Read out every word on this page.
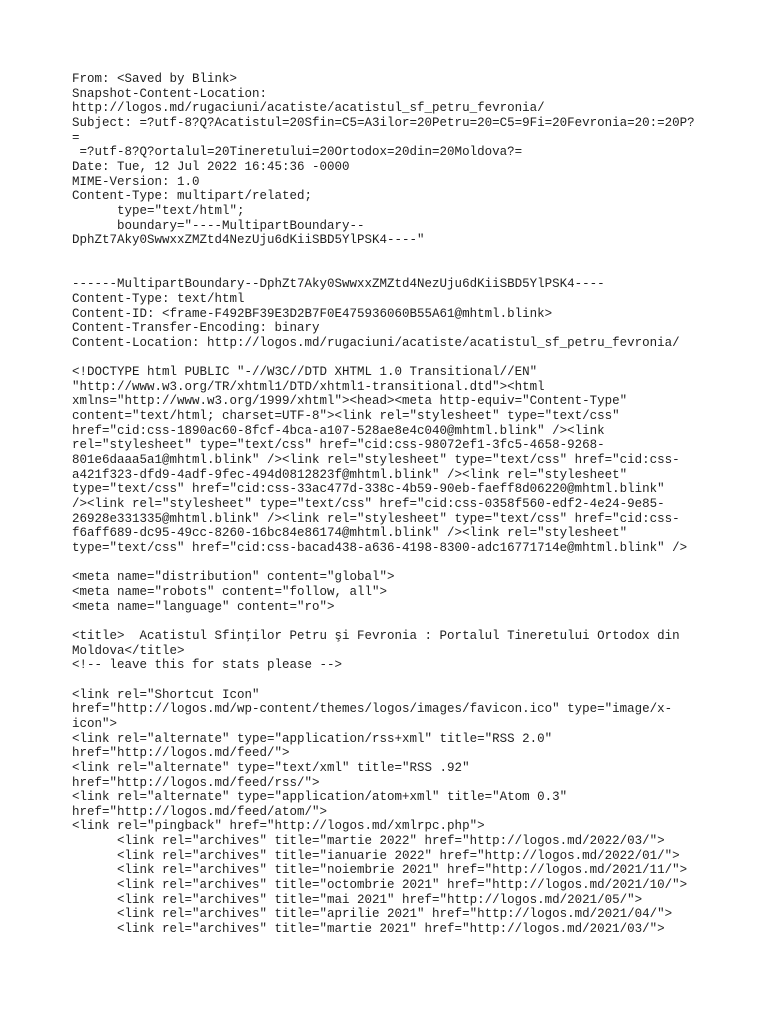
From: <Saved by Blink>
Snapshot-Content-Location:
http://logos.md/rugaciuni/acatiste/acatistul_sf_petru_fevronia/
Subject: =?utf-8?Q?Acatistul=20Sfin=C5=A3ilor=20Petru=20=C5=9Fi=20Fevronia=20:=20P?
=
=?utf-8?Q?ortalul=20Tineretului=20Ortodox=20din=20Moldova?=
Date: Tue, 12 Jul 2022 16:45:36 -0000
MIME-Version: 1.0
Content-Type: multipart/related;
type="text/html";
boundary="----MultipartBoundary--
DphZt7Aky0SwwxxZMZtd4NezUju6dKiiSBD5YlPSK4----"
------MultipartBoundary--DphZt7Aky0SwwxxZMZtd4NezUju6dKiiSBD5YlPSK4----
Content-Type: text/html
Content-ID: <frame-F492BF39E3D2B7F0E475936060B55A61@mhtml.blink>
Content-Transfer-Encoding: binary
Content-Location: http://logos.md/rugaciuni/acatiste/acatistul_sf_petru_fevronia/
<!DOCTYPE html PUBLIC "-//W3C//DTD XHTML 1.0 Transitional//EN"
"http://www.w3.org/TR/xhtml1/DTD/xhtml1-transitional.dtd"><html
xmlns="http://www.w3.org/1999/xhtml"><head><meta http-equiv="Content-Type"
content="text/html; charset=UTF-8"><link rel="stylesheet" type="text/css"
href="cid:css-1890ac60-8fcf-4bca-a107-528ae8e4c040@mhtml.blink" /><link
rel="stylesheet" type="text/css" href="cid:css-98072ef1-3fc5-4658-9268-
801e6daaa5a1@mhtml.blink" /><link rel="stylesheet" type="text/css" href="cid:css-
a421f323-dfd9-4adf-9fec-494d0812823f@mhtml.blink" /><link rel="stylesheet"
type="text/css" href="cid:css-33ac477d-338c-4b59-90eb-faeff8d06220@mhtml.blink"
/><link rel="stylesheet" type="text/css" href="cid:css-0358f560-edf2-4e24-9e85-
26928e331335@mhtml.blink" /><link rel="stylesheet" type="text/css" href="cid:css-
f6aff689-dc95-49cc-8260-16bc84e86174@mhtml.blink" /><link rel="stylesheet"
type="text/css" href="cid:css-bacad438-a636-4198-8300-adc16771714e@mhtml.blink" />
<meta name="distribution" content="global">
<meta name="robots" content="follow, all">
<meta name="language" content="ro">
<title>  Acatistul Sfinţilor Petru şi Fevronia : Portalul Tineretului Ortodox din
Moldova</title>
<!-- leave this for stats please -->
<link rel="Shortcut Icon"
href="http://logos.md/wp-content/themes/logos/images/favicon.ico" type="image/x-
icon">
<link rel="alternate" type="application/rss+xml" title="RSS 2.0"
href="http://logos.md/feed/">
<link rel="alternate" type="text/xml" title="RSS .92"
href="http://logos.md/feed/rss/">
<link rel="alternate" type="application/atom+xml" title="Atom 0.3"
href="http://logos.md/feed/atom/">
<link rel="pingback" href="http://logos.md/xmlrpc.php">
<link rel="archives" title="martie 2022" href="http://logos.md/2022/03/">
<link rel="archives" title="ianuarie 2022" href="http://logos.md/2022/01/">
<link rel="archives" title="noiembrie 2021" href="http://logos.md/2021/11/">
<link rel="archives" title="octombrie 2021" href="http://logos.md/2021/10/">
<link rel="archives" title="mai 2021" href="http://logos.md/2021/05/">
<link rel="archives" title="aprilie 2021" href="http://logos.md/2021/04/">
<link rel="archives" title="martie 2021" href="http://logos.md/2021/03/">
